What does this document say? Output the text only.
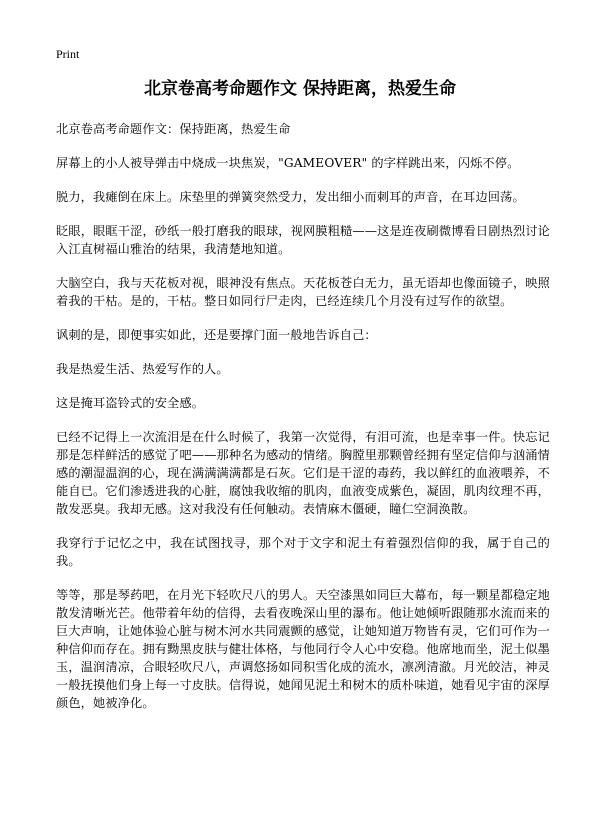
Print
北京卷高考命题作文 保持距离，热爱生命

北京卷高考命题作文：保持距离，热爱生命

屏幕上的小人被导弹击中烧成一块焦炭，"GAMEOVER" 的字样跳出来，闪烁不停。

脱力，我瘫倒在床上。床垫里的弹簧突然受力，发出细小而刺耳的声音，在耳边回荡。

眨眼，眼眶干涩，砂纸一般打磨我的眼球，视网膜粗糙——这是连夜刷微博看日剧热烈讨论入江直树福山雅治的结果，我清楚地知道。

大脑空白，我与天花板对视，眼神没有焦点。天花板苍白无力，虽无语却也像面镜子，映照着我的干枯。是的，干枯。整日如同行尸走肉，已经连续几个月没有过写作的欲望。

讽刺的是，即便事实如此，还是要撑门面一般地告诉自己：

我是热爱生活、热爱写作的人。

这是掩耳盗铃式的安全感。

已经不记得上一次流泪是在什么时候了，我第一次觉得，有泪可流，也是幸事一件。快忘记那是怎样鲜活的感觉了吧——那种名为感动的情绪。胸膛里那颗曾经拥有坚定信仰与汹涌情感的潮湿温润的心，现在满满满满都是石灰。它们是干涩的毒药，我以鲜红的血液喂养，不能自已。它们渗透进我的心脏，腐蚀我收缩的肌肉，血液变成紫色，凝固，肌肉纹理不再，散发恶臭。我却无感。这对我没有任何触动。表情麻木僵硬，瞳仁空洞涣散。

我穿行于记忆之中，我在试图找寻，那个对于文字和泥土有着强烈信仰的我，属于自己的我。

等等，那是琴药吧，在月光下轻吹尺八的男人。天空漆黑如同巨大幕布，每一颗星都稳定地散发清晰光芒。他带着年幼的信得，去看夜晚深山里的瀑布。他让她倾听跟随那水流而来的巨大声响，让她体验心脏与树木河水共同震颤的感觉，让她知道万物皆有灵，它们可作为一种信仰而存在。拥有黝黑皮肤与健壮体格，与他同行令人心中安稳。他席地而坐，泥土似墨玉，温润清凉，合眼轻吹尺八，声调悠扬如同积雪化成的流水，凛冽清澈。月光皎洁，神灵一般抚摸他们身上每一寸皮肤。信得说，她闻见泥土和树木的质朴味道，她看见宇宙的深厚颜色，她被净化。
